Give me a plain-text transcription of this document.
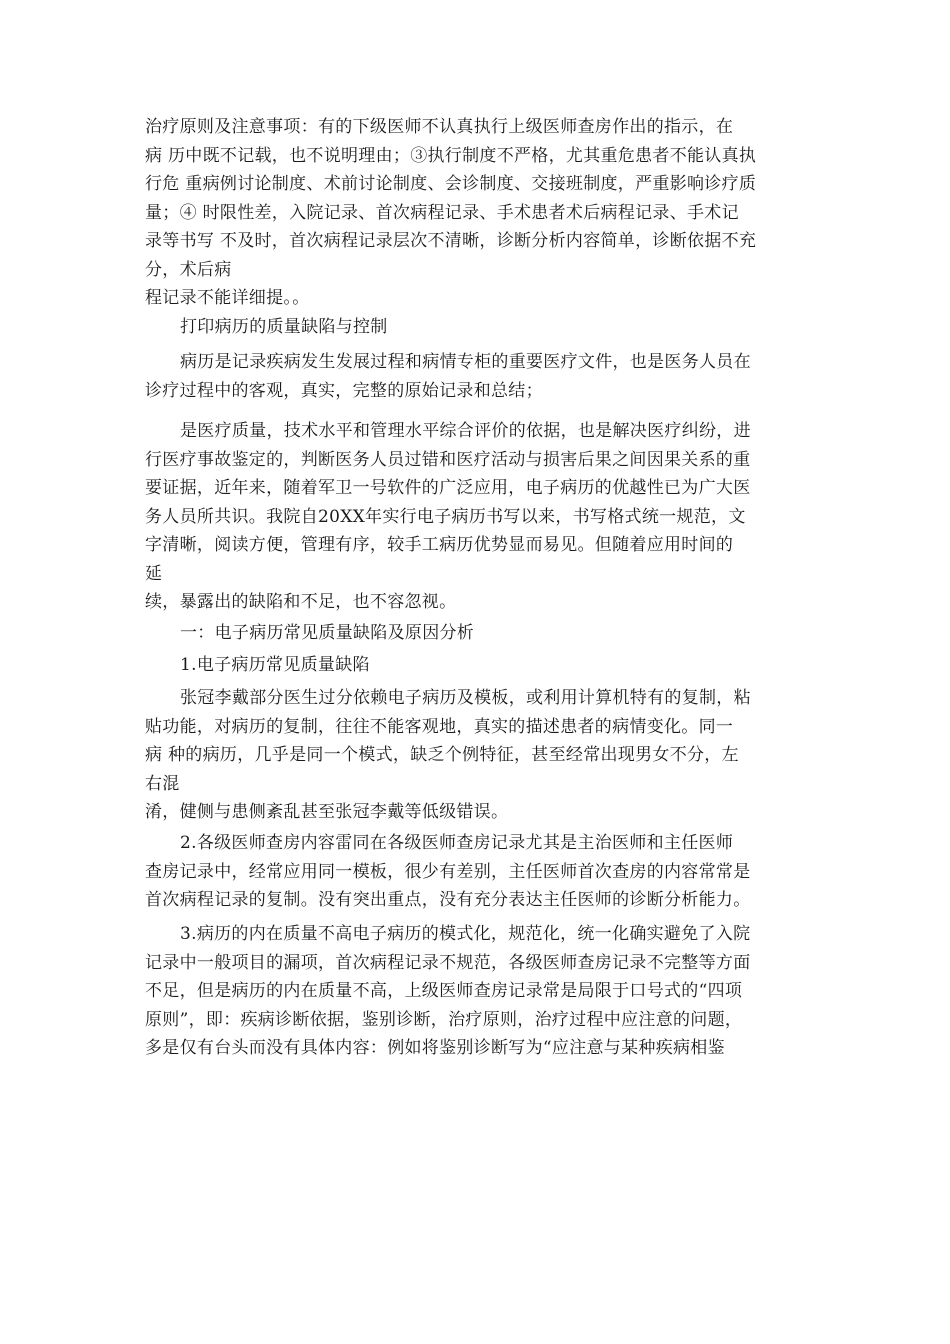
治疗原则及注意事项：有的下级医师不认真执行上级医师查房作出的指示，在

病 历中既不记载，也不说明理由；③执行制度不严格，尤其重危患者不能认真执

行危 重病例讨论制度、术前讨论制度、会诊制度、交接班制度，严重影响诊疗质

量；④ 时限性差，入院记录、首次病程记录、手术患者术后病程记录、手术记

录等书写 不及时，首次病程记录层次不清晰，诊断分析内容简单，诊断依据不充

分，术后病

程记录不能详细提。。

打印病历的质量缺陷与控制

病历是记录疾病发生发展过程和病情专柜的重要医疗文件，也是医务人员在

诊疗过程中的客观，真实，完整的原始记录和总结；

是医疗质量，技术水平和管理水平综合评价的依据，也是解决医疗纠纷，进

行医疗事故鉴定的，判断医务人员过错和医疗活动与损害后果之间因果关系的重

要证据，近年来，随着军卫一号软件的广泛应用，电子病历的优越性已为广大医

务人员所共识。我院自20XX年实行电子病历书写以来，书写格式统一规范，文

字清晰，阅读方便，管理有序，较手工病历优势显而易见。但随着应用时间的

延

续，暴露出的缺陷和不足，也不容忽视。

一：电子病历常见质量缺陷及原因分析

1.电子病历常见质量缺陷

张冠李戴部分医生过分依赖电子病历及模板，或利用计算机特有的复制，粘

贴功能，对病历的复制，往往不能客观地，真实的描述患者的病情变化。同一

病 种的病历，几乎是同一个模式，缺乏个例特征，甚至经常出现男女不分，左

右混

淆，健侧与患侧紊乱甚至张冠李戴等低级错误。

2.各级医师查房内容雷同在各级医师查房记录尤其是主治医师和主任医师

查房记录中，经常应用同一模板，很少有差别，主任医师首次查房的内容常常是

首次病程记录的复制。没有突出重点，没有充分表达主任医师的诊断分析能力。

3.病历的内在质量不高电子病历的模式化，规范化，统一化确实避免了入院

记录中一般项目的漏项，首次病程记录不规范，各级医师查房记录不完整等方面

不足，但是病历的内在质量不高，上级医师查房记录常是局限于口号式的“四项

原则”，即：疾病诊断依据，鉴别诊断，治疗原则，治疗过程中应注意的问题，

多是仅有台头而没有具体内容：例如将鉴别诊断写为“应注意与某种疾病相鉴
